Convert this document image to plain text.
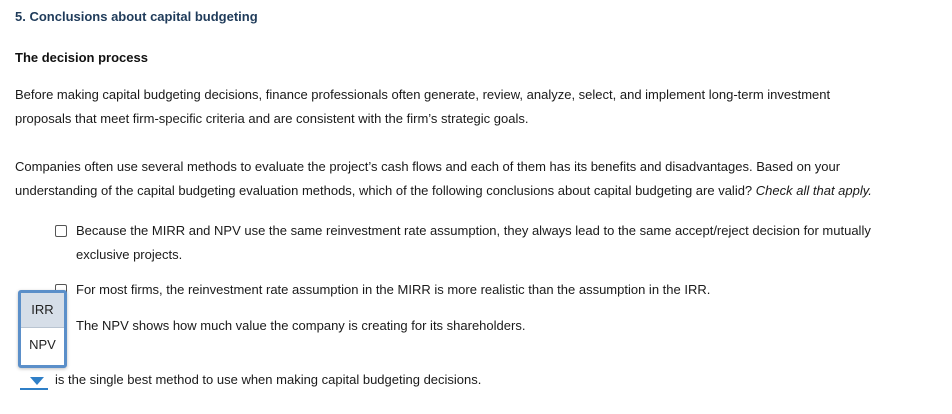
5. Conclusions about capital budgeting
The decision process
Before making capital budgeting decisions, finance professionals often generate, review, analyze, select, and implement long-term investment
proposals that meet firm-specific criteria and are consistent with the firm’s strategic goals.
Companies often use several methods to evaluate the project’s cash flows and each of them has its benefits and disadvantages. Based on your
understanding of the capital budgeting evaluation methods, which of the following conclusions about capital budgeting are valid? Check all that apply.
Because the MIRR and NPV use the same reinvestment rate assumption, they always lead to the same accept/reject decision for mutually
exclusive projects.
For most firms, the reinvestment rate assumption in the MIRR is more realistic than the assumption in the IRR.
The NPV shows how much value the company is creating for its shareholders.
is the single best method to use when making capital budgeting decisions.
IRR
NPV
